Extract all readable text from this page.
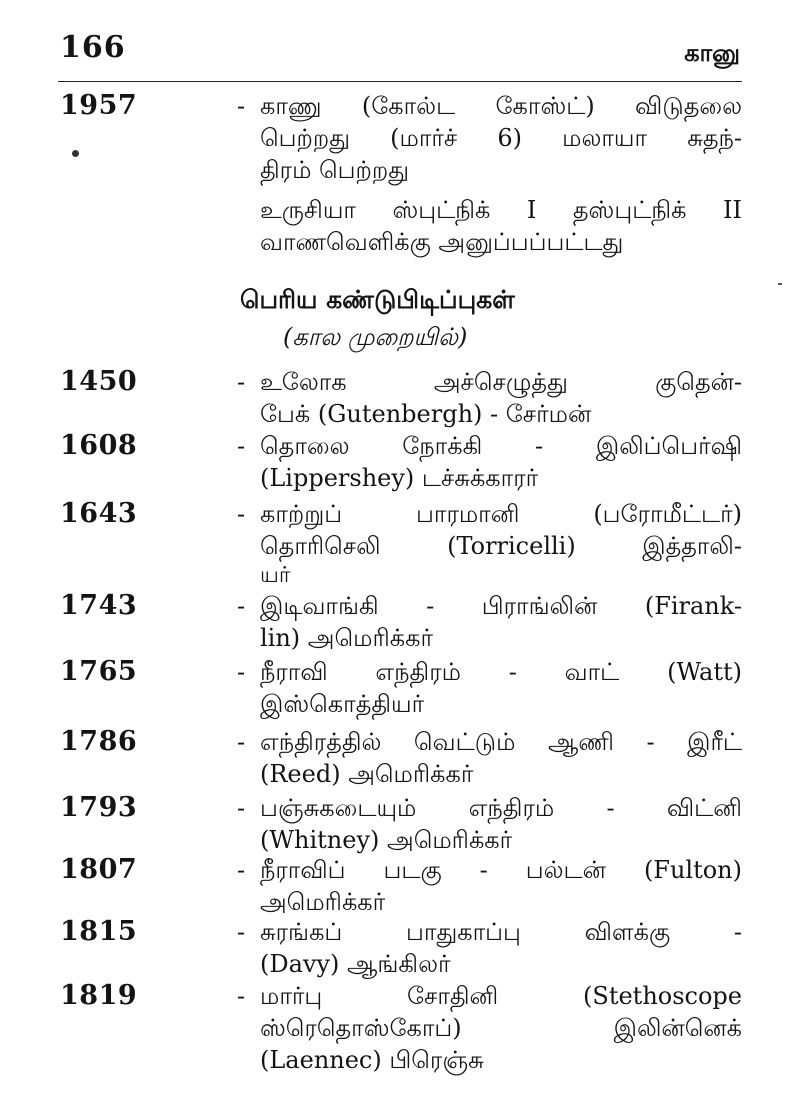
166	கானு
1957	- காணு (கோல்ட கோஸ்ட்) விடுதலை
பெற்றது (மார்ச் 6) மலாயா சுதந்-
திரம் பெற்றது
உருசியா ஸ்புட்நிக் I தஸ்புட்நிக் II
வாணவெளிக்கு அனுப்பப்பட்டது
பெரிய கண்டுபிடிப்புகள்
(கால முறையில்)
1450	- உலோக அச்செழுத்து குதென்-
பேக் (Gutenbergh) - சேர்மன்
1608	- தொலை நோக்கி - இலிப்பெர்ஷி
(Lippershey) டச்சுக்காரர்
1643	- காற்றுப் பாரமானி (பரோமீட்டர்)
தொரிசெலி (Torricelli) இத்தாலி-
யர்
1743	- இடிவாங்கி - பிராங்லின் (Firank-
lin) அமெரிக்கர்
1765	- நீராவி எந்திரம் - வாட் (Watt)
இஸ்கொத்தியர்
1786	- எந்திரத்தில் வெட்டும் ஆணி - இரீட்
(Reed) அமெரிக்கர்
1793	- பஞ்சுகடையும் எந்திரம் - விட்னி
(Whitney) அமெரிக்கர்
1807	- நீராவிப் படகு - பல்டன் (Fulton)
அமெரிக்கர்
1815	- சுரங்கப் பாதுகாப்பு விளக்கு -
(Davy) ஆங்கிலர்
1819	- மார்பு சோதினி (Stethoscope
ஸ்ரெதொஸ்கோப்) இலின்னெக்
(Laennec) பிரெஞ்சு
